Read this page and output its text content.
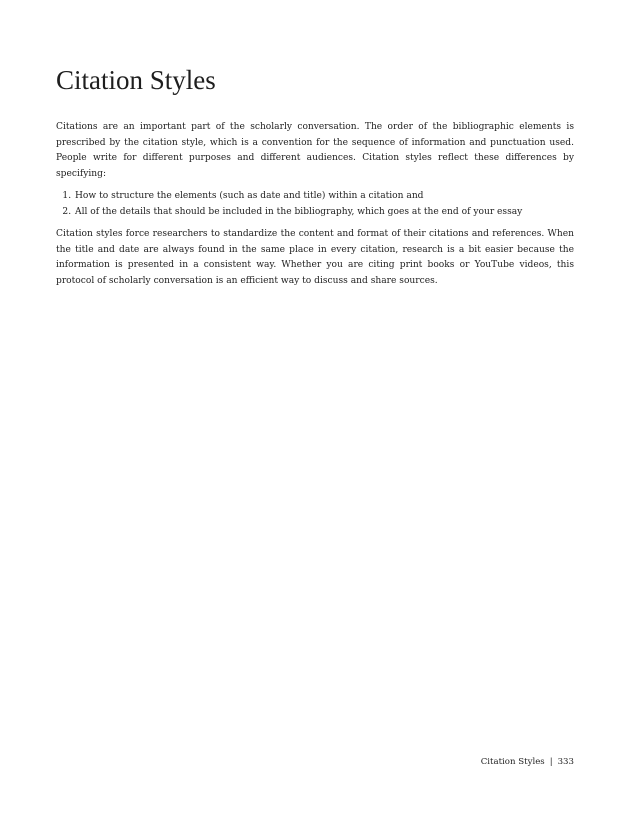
Citation Styles

Citations are an important part of the scholarly conversation. The order of the bibliographic elements is prescribed by the citation style, which is a convention for the sequence of information and punctuation used. People write for different purposes and different audiences. Citation styles reflect these differences by specifying:

1. How to structure the elements (such as date and title) within a citation and
2. All of the details that should be included in the bibliography, which goes at the end of your essay

Citation styles force researchers to standardize the content and format of their citations and references. When the title and date are always found in the same place in every citation, research is a bit easier because the information is presented in a consistent way. Whether you are citing print books or YouTube videos, this protocol of scholarly conversation is an efficient way to discuss and share sources.

Citation Styles | 333
